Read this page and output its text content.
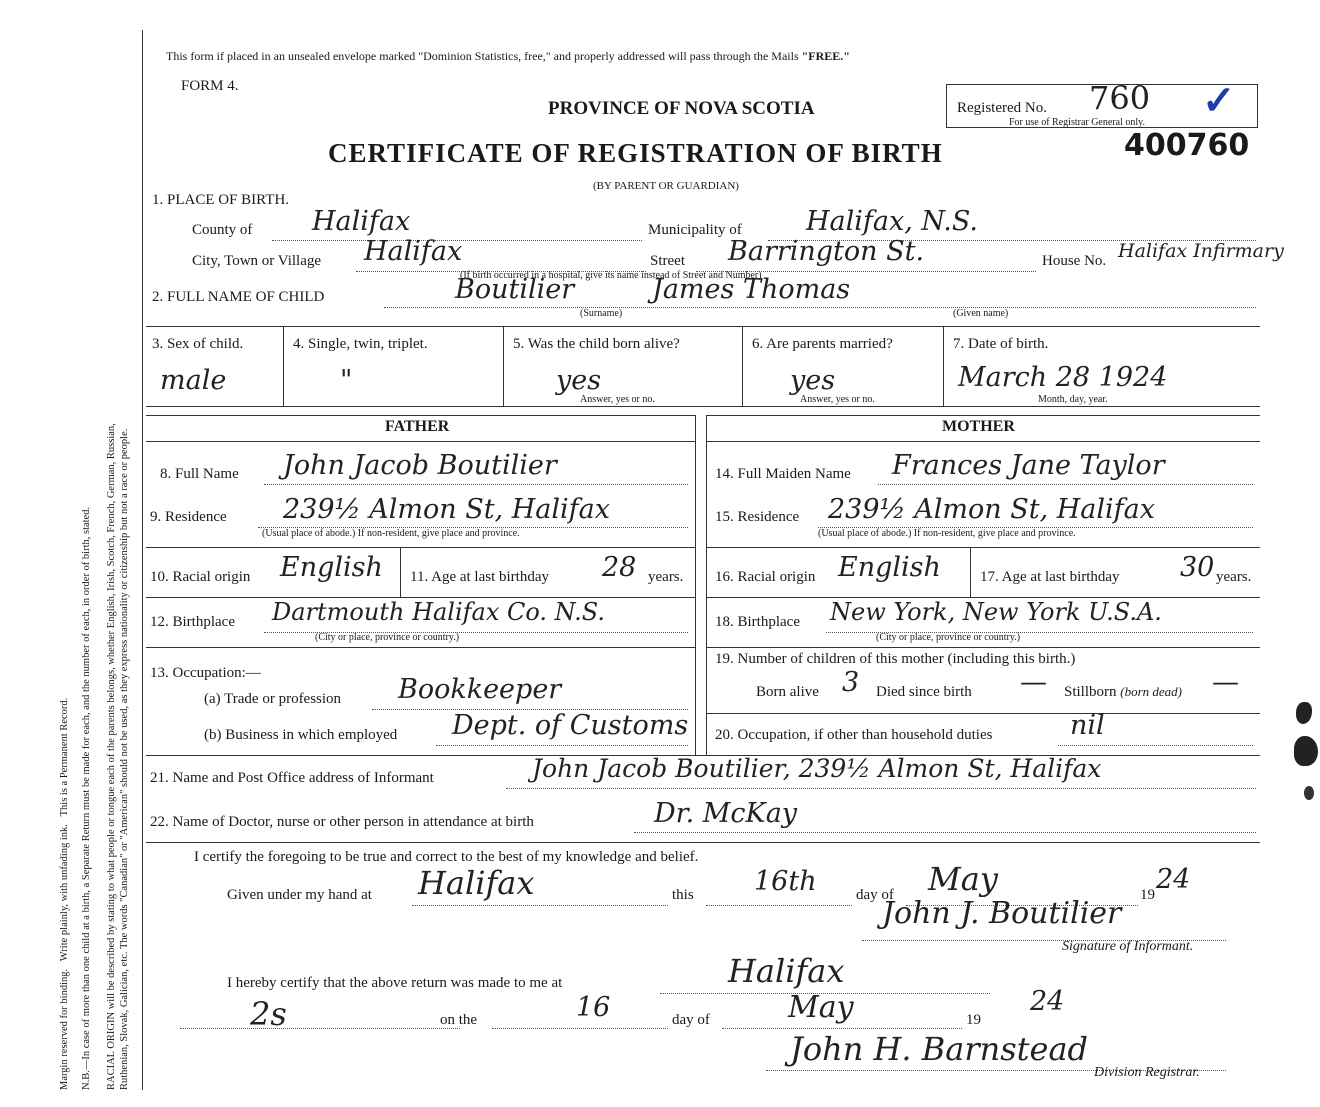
Margin reserved for binding.   Write plainly, with unfading ink.   This is a Permanent Record. N.B.—In case of more than one child at a birth, a Separate Return must be made for each, and the number of each, in order of birth, stated. RACIAL ORIGIN will be described by stating to what people or tongue each of the parents belongs, whether English, Irish, Scotch, French, German, Russian, Ruthenian, Slovak, Galician, etc. The words "Canadian" or "American" should not be used, as they express nationality or citizenship but not a race or people.
This form if placed in an unsealed envelope marked "Dominion Statistics, free," and properly addressed will pass through the Mails "FREE."
FORM 4.
PROVINCE OF NOVA SCOTIA
CERTIFICATE OF REGISTRATION OF BIRTH
(BY PARENT OR GUARDIAN)
Registered No. 760 ✓
For use of Registrar General only.
400760
1. PLACE OF BIRTH.
County of Halifax	Municipality of Halifax, N.S.
City, Town or Village Halifax	Street Barrington St.	House No. Halifax Infirmary
(If birth occurred in a hospital, give its name instead of Street and Number)
2. FULL NAME OF CHILD	Boutilier	James Thomas
(Surname)	(Given name)
3. Sex of child.
male
4. Single, twin, triplet.
"
5. Was the child born alive?
yes
Answer, yes or no.
6. Are parents married?
yes
Answer, yes or no.
7. Date of birth.
March 28 1924
Month, day, year.
FATHER	MOTHER
8. Full Name John Jacob Boutilier	14. Full Maiden Name Frances Jane Taylor
9. Residence 239½ Almon St, Halifax
(Usual place of abode.) If non-resident, give place and province.
15. Residence 239½ Almon St, Halifax
(Usual place of abode.) If non-resident, give place and province.
10. Racial origin English 11. Age at last birthday 28 years. 16. Racial origin English	17. Age at last birthday 30 years.
12. Birthplace Dartmouth Halifax Co. N.S.
(City or place, province or country.)
18. Birthplace New York, New York U.S.A.
(City or place, province or country.)
13. Occupation:—
(a) Trade or profession Bookkeeper
(b) Business in which employed Dept. of Customs
19. Number of children of this mother (including this birth.)
Born alive 3 Died since birth — Stillborn (born dead) —
20. Occupation, if other than household duties	nil
21. Name and Post Office address of Informant	John Jacob Boutilier, 239½ Almon St, Halifax
22. Name of Doctor, nurse or other person in attendance at birth	Dr. McKay
I certify the foregoing to be true and correct to the best of my knowledge and belief.
Given under my hand at Halifax	this 16th	day of May	19 24
John J. Boutilier
Signature of Informant.
I hereby certify that the above return was made to me at	Halifax
2s	on the	16	day of	May	19
24
John H. Barnstead
Division Registrar.
